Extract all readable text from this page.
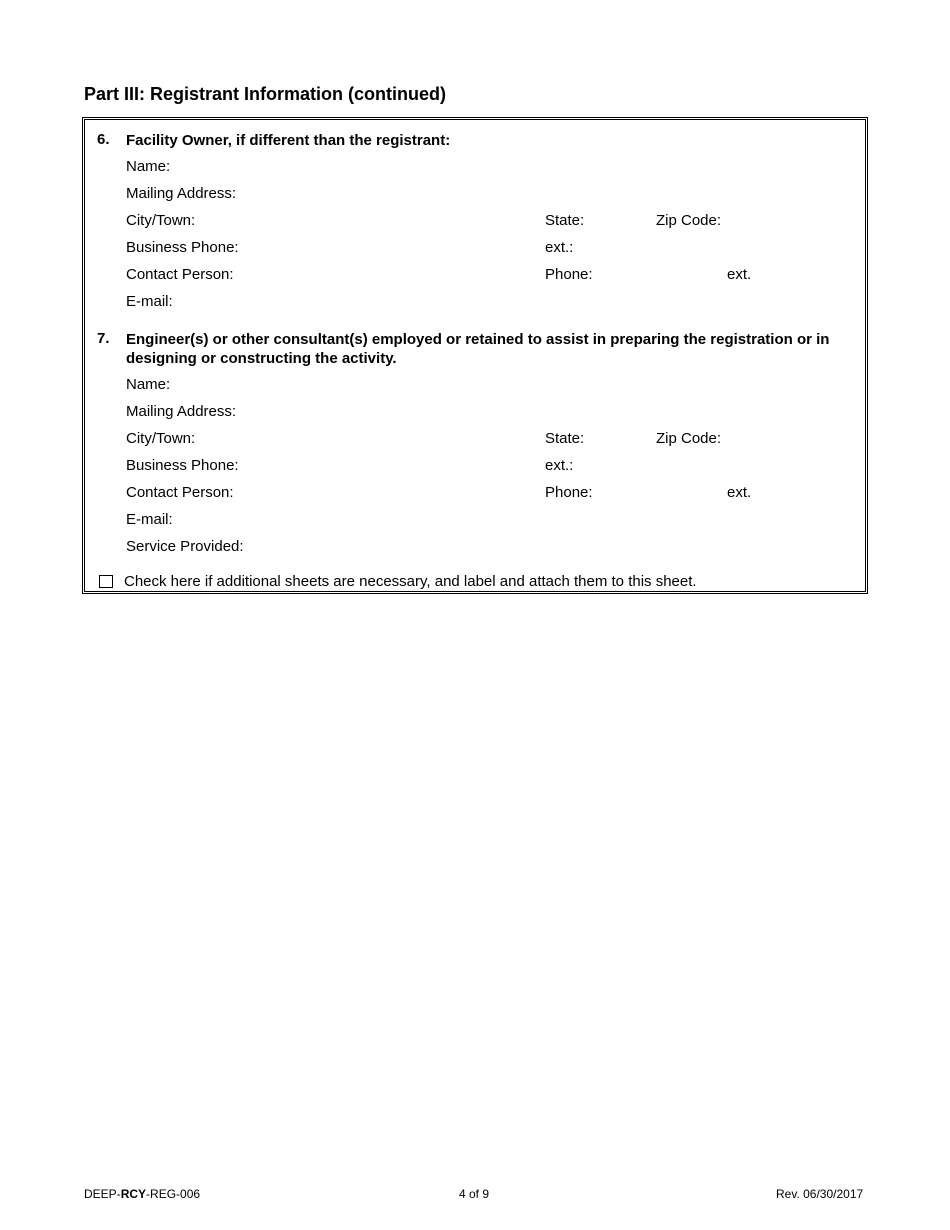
Part III: Registrant Information (continued)
6. Facility Owner, if different than the registrant:
Name:
Mailing Address:
City/Town:	State:	Zip Code:
Business Phone:	ext.:
Contact Person:	Phone:	ext.
E-mail:
7. Engineer(s) or other consultant(s) employed or retained to assist in preparing the registration or in designing or constructing the activity.
Name:
Mailing Address:
City/Town:	State:	Zip Code:
Business Phone:	ext.:
Contact Person:	Phone:	ext.
E-mail:
Service Provided:
Check here if additional sheets are necessary, and label and attach them to this sheet.
DEEP-RCY-REG-006	4 of 9	Rev. 06/30/2017
